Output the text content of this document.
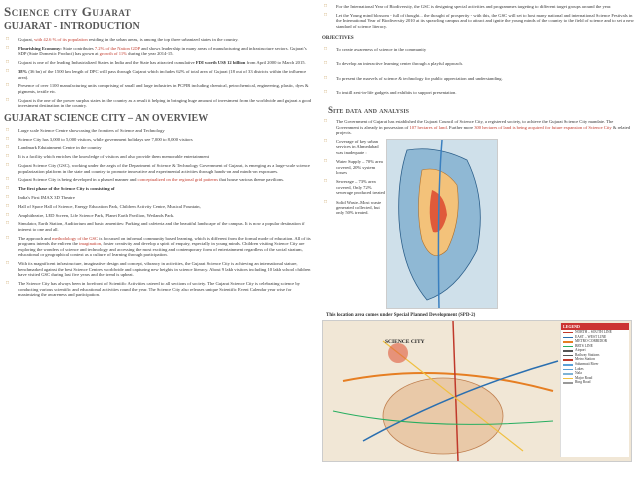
Science city Gujarat
GUJARAT - INTRODUCTION
□ Gujarat, with 42.6 % of its population residing in the urban areas, is among the top three urbanized states in the country.
□ Flourishing Economy: State contributes 7.2% of the Nation GDP and shows leadership in many areas of manufacturing and infrastructure sectors. Gujarat’s SDP (State Domestic Product) has grown at growth of 11% during the year 2014-15.
□ Gujarat is one of the leading Industrialized States in India and the State has attracted cumulative FDI worth US$ 12 billion from April 2000 to March 2015.
□ 38% (36 bn) of the 1500 km length of DPC will pass through Gujarat which includes 62% of total area of Gujarat (18 out of 33 districts within the influence area).
□ Presence of over 1100 manufacturing units comprising of small and large industries in PCPIR including chemical, petrochemical, engineering, plastic, dyes & pigments, textile etc.
□ Gujarat is the one of the power surplus states in the country as a result it helping in bringing huge amount of investment from the worldwide and gujarat a good investment destination in the country.
GUJARAT SCIENCE CITY – AN OVERVIEW
□ Large scale Science Centre showcasing the frontiers of Science and Technology
□ Science City has 3,000 to 5,000 visitors, while government holidays see 7,000 to 8,000 visitors
□ Landmark Edutainment Centre in the country
□ It is a facility which enriches the knowledge of visitors and also provide them memorable entertainment
□ Gujarat Science City (GSC), working under the aegis of the Department of Science & Technology Government of Gujarat, is emerging as a large-scale science popularization platform in the state and country to promote innovative and experimental activities through hands-on and minds-on exposures.
□ Gujarat Science City is being developed in a phased manner and conceptualized on the regional grid patterns that house various theme pavilions.
□ The first phase of the Science City is consisting of
□ India's First IMAX 3D Theatre
□ Hall of Space Hall of Science, Energy Education Park, Children Activity Centre, Musical Fountain,
□ Amphitheatre, LED Screen, Life Science Park, Planet Earth Pavilion, Wetlands Park.
□ Simulator, Earth Station, Auditorium and basic amenities: Parking and cafeteria and the beautiful landscape of the campus. It is now a popular destination if interest to one and all.
□ The approach and methodology of the GSC is focussed on informal community based learning, which is different from the formal mode of education. All of its programs intends the enliven the imagination, foster creativity and develop a spirit of enquiry, especially in young minds. Children visiting Science City are exploring the wonders of science and technology and accessing the most exciting and contemporary form of entertainment regardless of the social stratum, educational or geographical context as a culture of learning through participation.
□ With its magnificent infrastructure, imaginative design and concept, vibrancy in activities, the Gujarat Science City is achieving an international stature, benchmarked against the best Science Centres worldwide and capturing new heights in science literacy. About 9 lakh visitors including 10 lakh school children have visited GSC during last five years and the trend is upbeat.
□ The Science City has always been in forefront of Scientific Activities catered to all sections of society. The Gujarat Science City is celebrating science by conducting various scientific and educational activities round the year. The Science City also releases unique Scientific Event Calendar year wise for maximizing the awareness and participation.
□ For the International Year of Biodiversity, the GSC is designing special activities and programmes targeting to different target groups around the year.
□ Let the Young mind blossom - full of thought... the thought of prosperity - with this, the GSC will set to host many national and international Science Festivals in the International Year of Biodiversity 2010 at its sprawling campus and to attract and ignite the young minds of the country to the field of science and to set a new standard of science literacy.
OBJECTIVES
□ To create awareness of science in the community
□ To develop an interactive learning center through a playful approach.
□ To present the marvels of science & technology for public appreciation and understanding.
□ To instill zest-in-life gadgets and exhibits to support presentation.
Site data and analysis
□ The Government of Gujarat has established the Gujarat Council of Science City, a registered society, to achieve the Gujarat Science City mandate. The Government is already in possession of 107 hectares of land. Further more 300 hectares of land is being acquired for future expansion of Science City & related projects.
□ Coverage of key urban services in Ahmedabad was inadequate :
□ Water Supply – 70% area covered, 20% system losses
□ Sewerage – 73% area covered, Only 72% sewerage produced treated
□ Solid Waste–Most waste generated collected, but only 50% treated.
This location area comes under Special Planned Development (SPD-2)
SCIENCE CITY
LEGEND
NORTH – SOUTH LINE
EAST – WEST LINE
METRO CORRIDOR
BRTS LINE
Airport
Railway Stations
Metro Station
Sabarmati River
Lakes
Nala
Major Road
Ring Road
